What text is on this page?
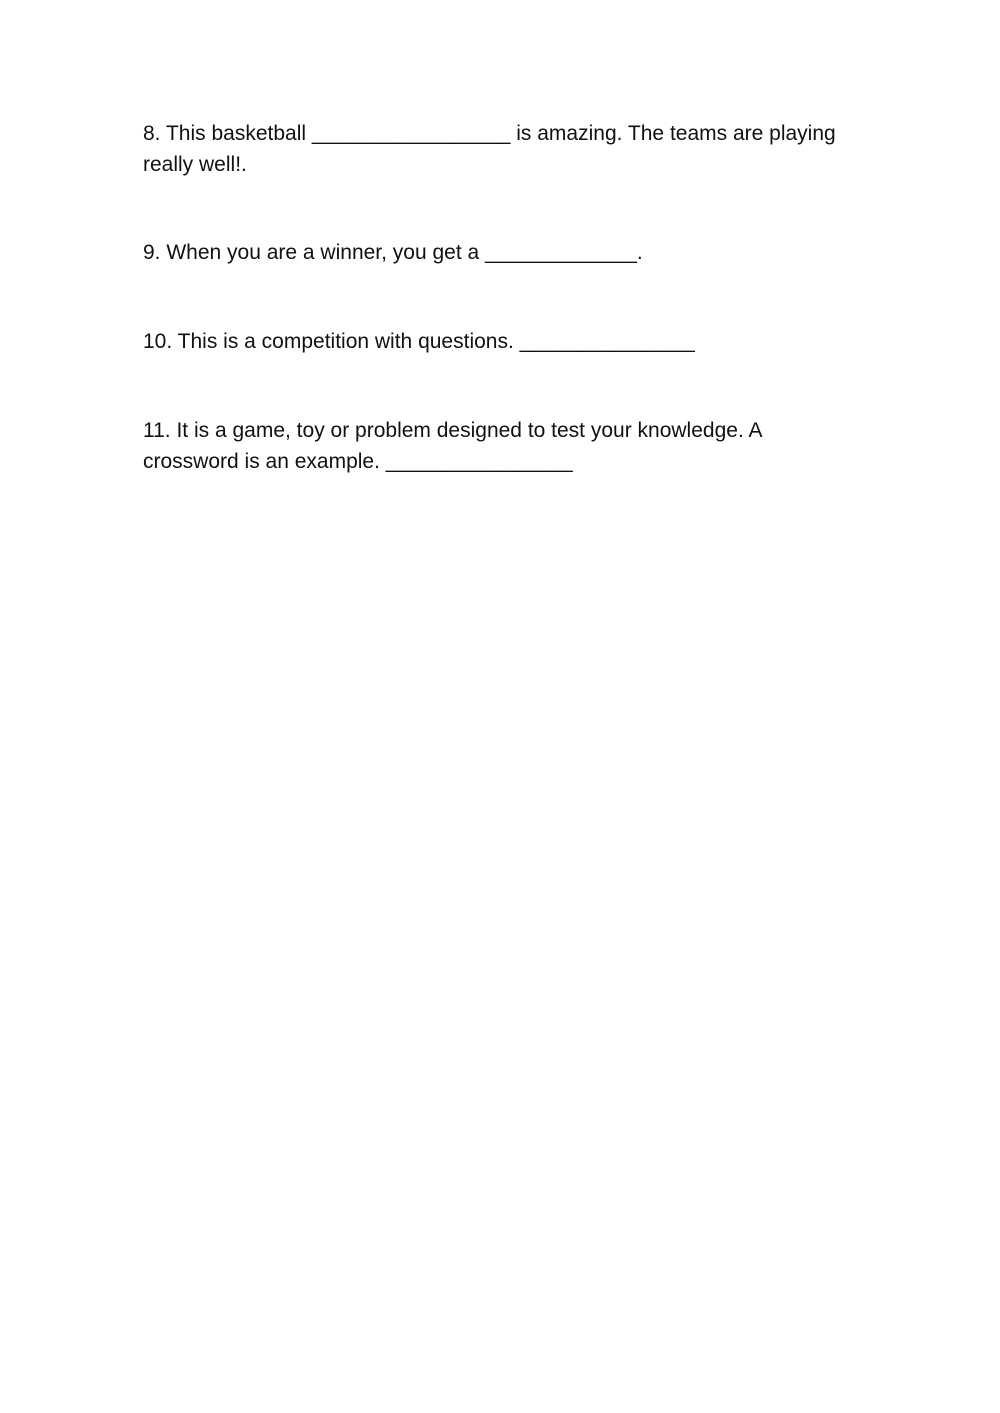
8. This basketball _________________ is amazing. The teams are playing
really well!.

9. When you are a winner, you get a _____________.

10. This is a competition with questions. _______________

11. It is a game, toy or problem designed to test your knowledge. A
crossword is an example. ________________
